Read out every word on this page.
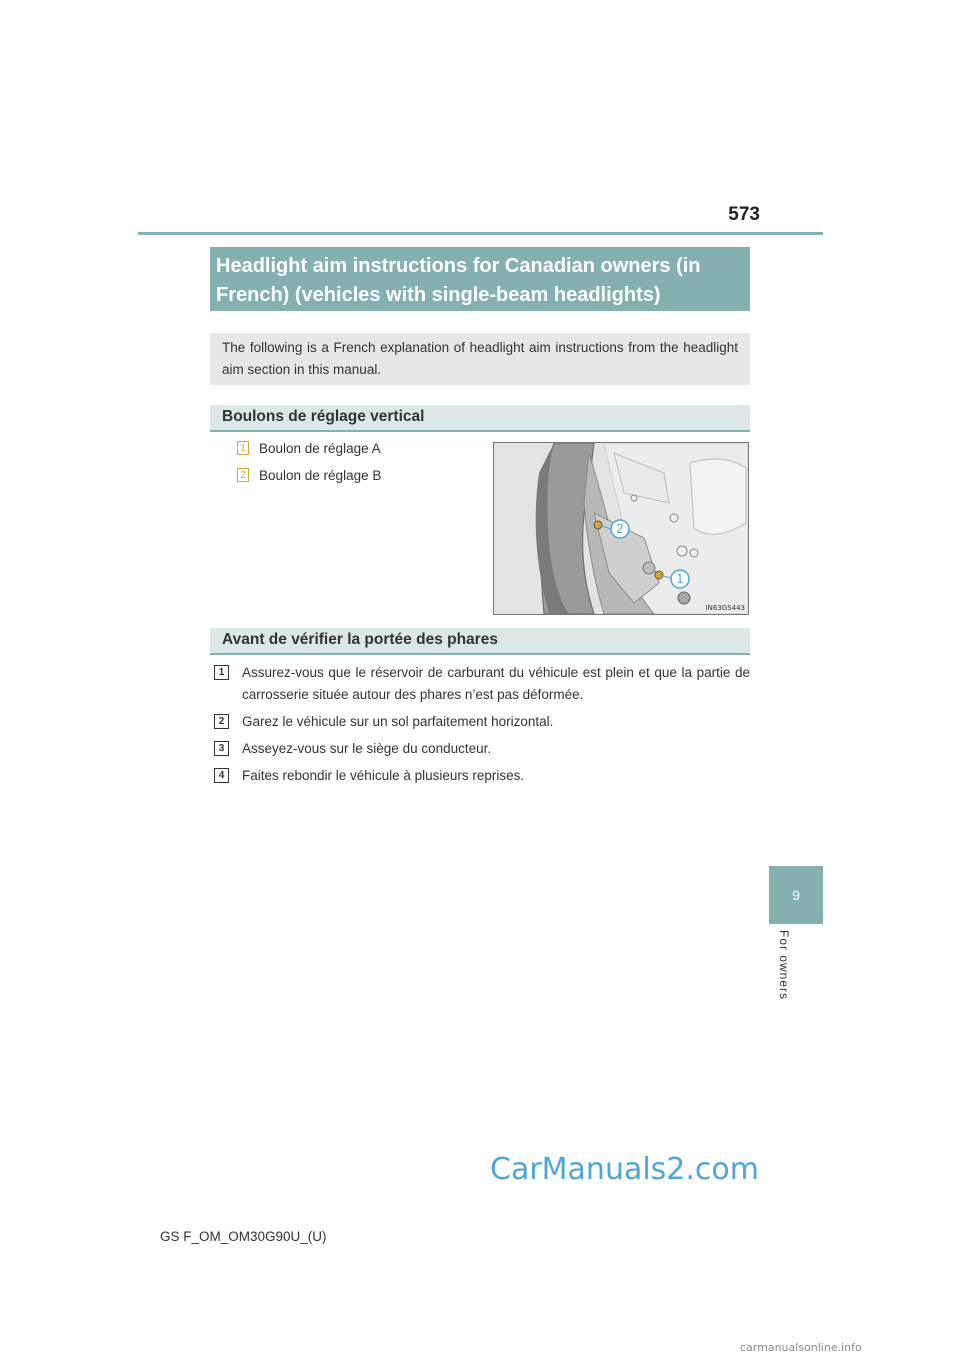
573
9
For owners
Headlight aim instructions for Canadian owners (in
French) (vehicles with single-beam headlights)
The following is a French explanation of headlight aim instructions from the headlight aim section in this manual.
Boulons de réglage vertical
1 Boulon de réglage A
2 Boulon de réglage B
2
1
IN63GS443
Avant de vérifier la portée des phares
1	Assurez-vous que le réservoir de carburant du véhicule est plein et que la partie de carrosserie située autour des phares n’est pas déformée.
2	Garez le véhicule sur un sol parfaitement horizontal.
3	Asseyez-vous sur le siège du conducteur.
4	Faites rebondir le véhicule à plusieurs reprises.
CarManuals2.com
GS F_OM_OM30G90U_(U)
carmanualsonline.info
